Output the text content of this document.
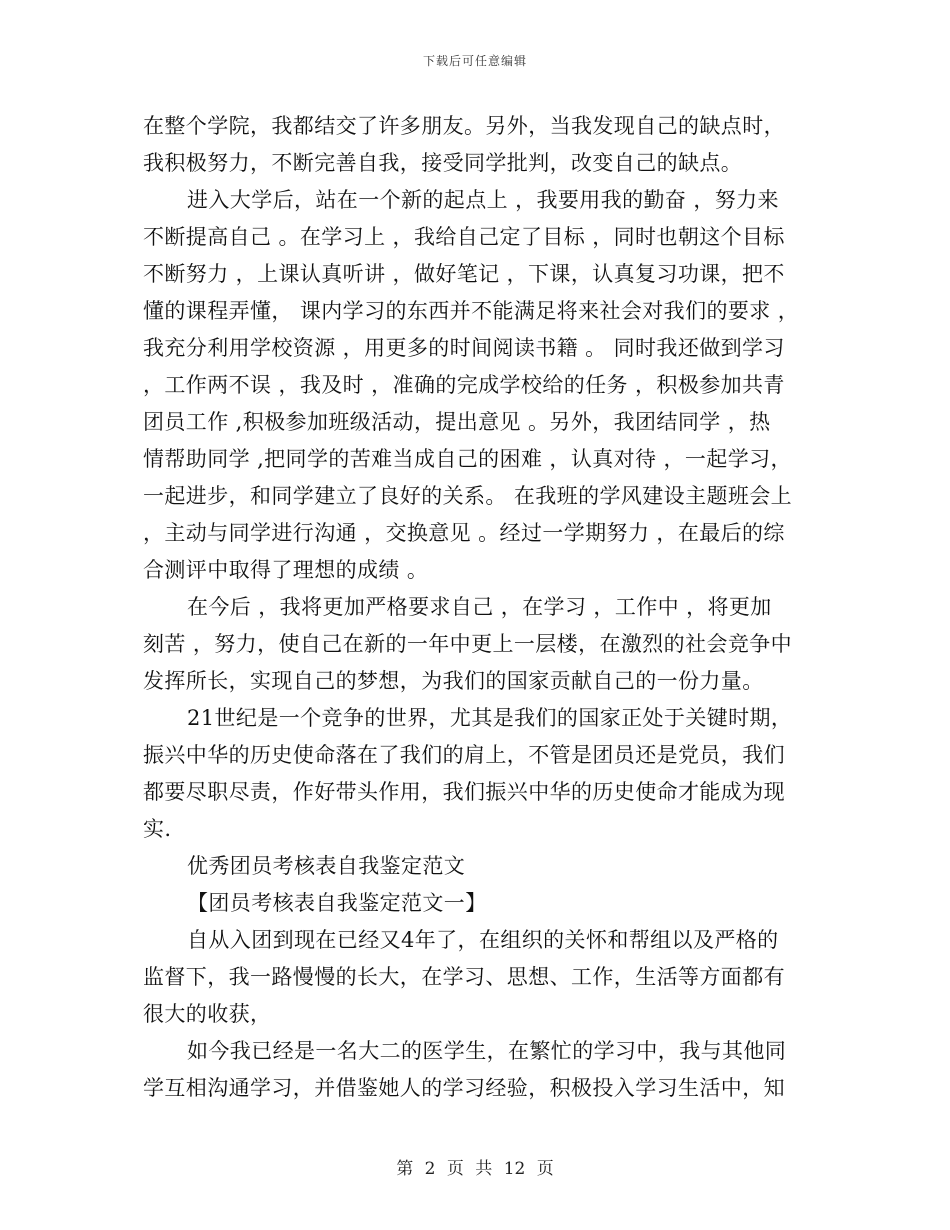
下载后可任意编辑
在整个学院，我都结交了许多朋友。另外，当我发现自己的缺点时，
我积极努力，不断完善自我，接受同学批判，改变自己的缺点。
进入大学后，站在一个新的起点上 ，我要用我的勤奋 ，努力来
不断提高自己 。在学习上 ，我给自己定了目标 ，同时也朝这个目标
不断努力 ，上课认真听讲 ，做好笔记 ，下课，认真复习功课，把不
懂的课程弄懂， 课内学习的东西并不能满足将来社会对我们的要求 ，
我充分利用学校资源 ，用更多的时间阅读书籍 。 同时我还做到学习
，工作两不误 ，我及时 ，准确的完成学校给的任务 ，积极参加共青
团员工作 ,积极参加班级活动，提出意见 。另外，我团结同学 ，热
情帮助同学 ,把同学的苦难当成自己的困难 ，认真对待 ，一起学习，
一起进步，和同学建立了良好的关系。 在我班的学风建设主题班会上
，主动与同学进行沟通 ，交换意见 。经过一学期努力 ，在最后的综
合测评中取得了理想的成绩 。
在今后 ，我将更加严格要求自己 ，在学习 ，工作中 ，将更加
刻苦 ，努力，使自己在新的一年中更上一层楼，在激烈的社会竞争中
发挥所长，实现自己的梦想，为我们的国家贡献自己的一份力量。
21世纪是一个竞争的世界，尤其是我们的国家正处于关键时期，
振兴中华的历史使命落在了我们的肩上，不管是团员还是党员，我们
都要尽职尽责，作好带头作用，我们振兴中华的历史使命才能成为现
实.
优秀团员考核表自我鉴定范文
【团员考核表自我鉴定范文一】
自从入团到现在已经又4年了，在组织的关怀和帮组以及严格的
监督下，我一路慢慢的长大，在学习、思想、工作，生活等方面都有
很大的收获，
如今我已经是一名大二的医学生，在繁忙的学习中，我与其他同
学互相沟通学习，并借鉴她人的学习经验，积极投入学习生活中，知
第 2 页 共 12 页
